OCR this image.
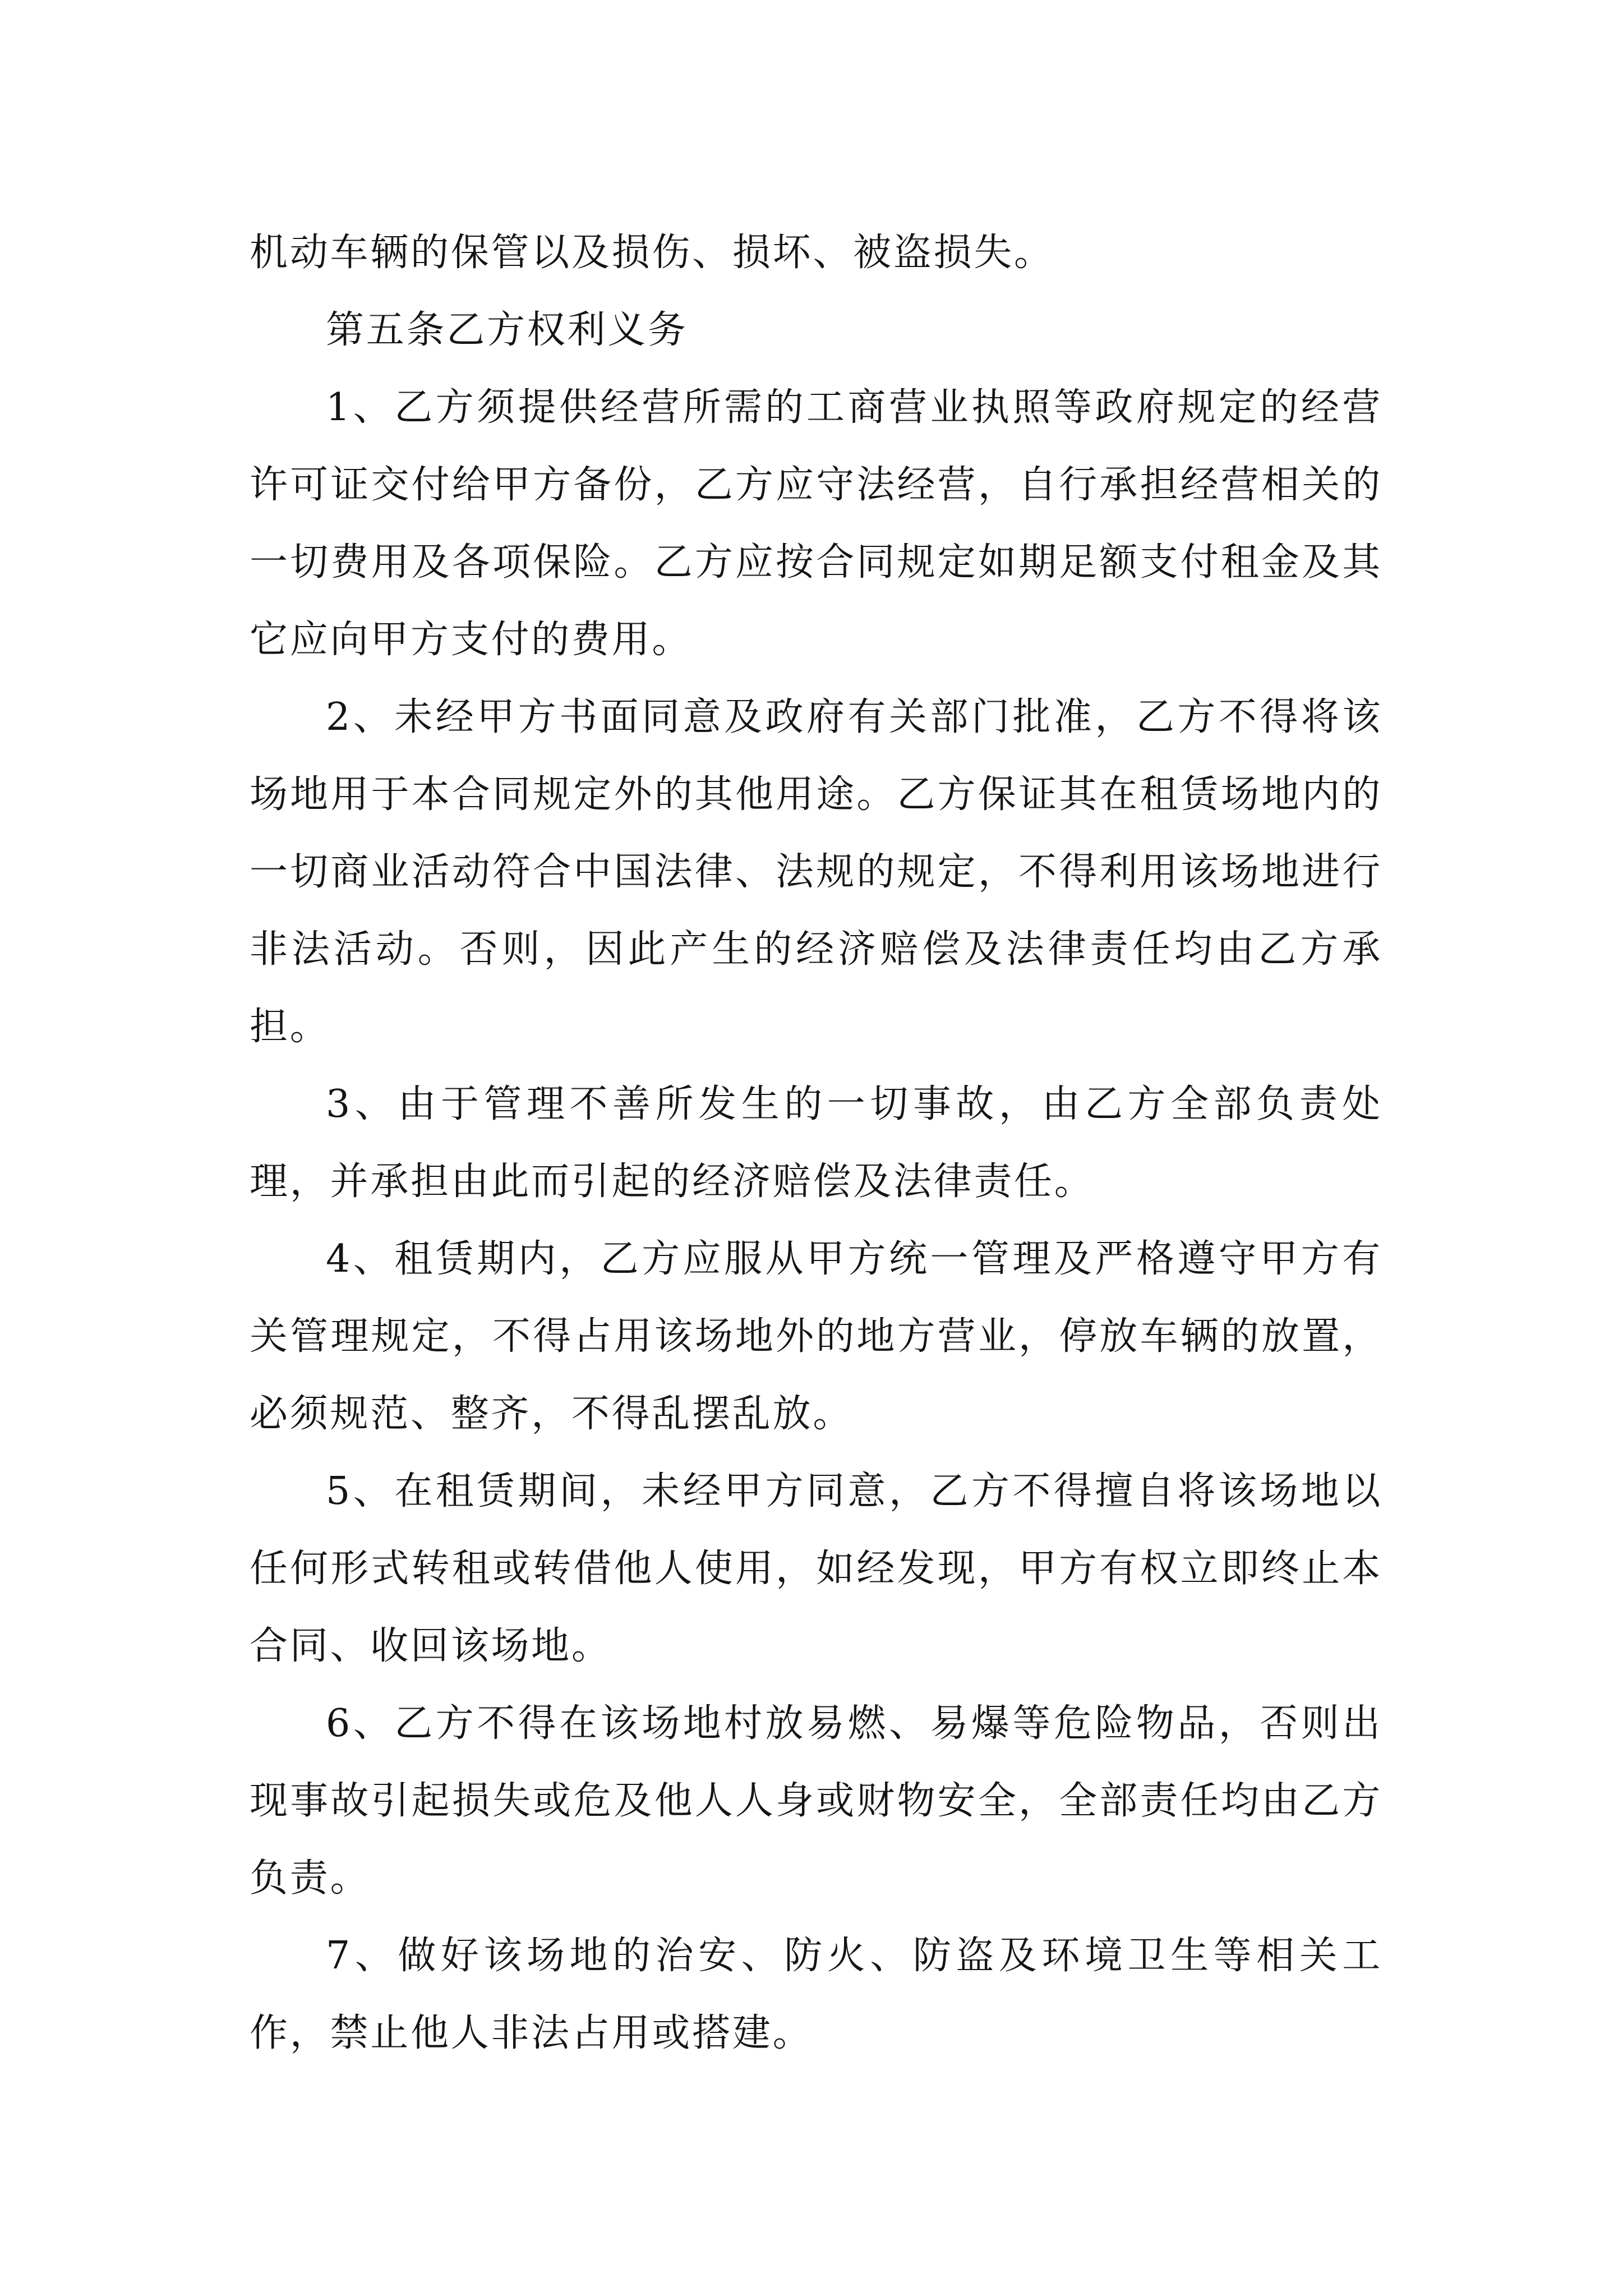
机动车辆的保管以及损伤、损坏、被盗损失。

第五条乙方权利义务

1、乙方须提供经营所需的工商营业执照等政府规定的经营许可证交付给甲方备份，乙方应守法经营，自行承担经营相关的一切费用及各项保险。乙方应按合同规定如期足额支付租金及其它应向甲方支付的费用。

2、未经甲方书面同意及政府有关部门批准，乙方不得将该场地用于本合同规定外的其他用途。乙方保证其在租赁场地内的一切商业活动符合中国法律、法规的规定，不得利用该场地进行非法活动。否则，因此产生的经济赔偿及法律责任均由乙方承担。

3、由于管理不善所发生的一切事故，由乙方全部负责处理，并承担由此而引起的经济赔偿及法律责任。

4、租赁期内，乙方应服从甲方统一管理及严格遵守甲方有关管理规定，不得占用该场地外的地方营业，停放车辆的放置，必须规范、整齐，不得乱摆乱放。

5、在租赁期间，未经甲方同意，乙方不得擅自将该场地以任何形式转租或转借他人使用，如经发现，甲方有权立即终止本合同、收回该场地。

6、乙方不得在该场地村放易燃、易爆等危险物品，否则出现事故引起损失或危及他人人身或财物安全，全部责任均由乙方负责。

7、做好该场地的治安、防火、防盗及环境卫生等相关工作，禁止他人非法占用或搭建。
